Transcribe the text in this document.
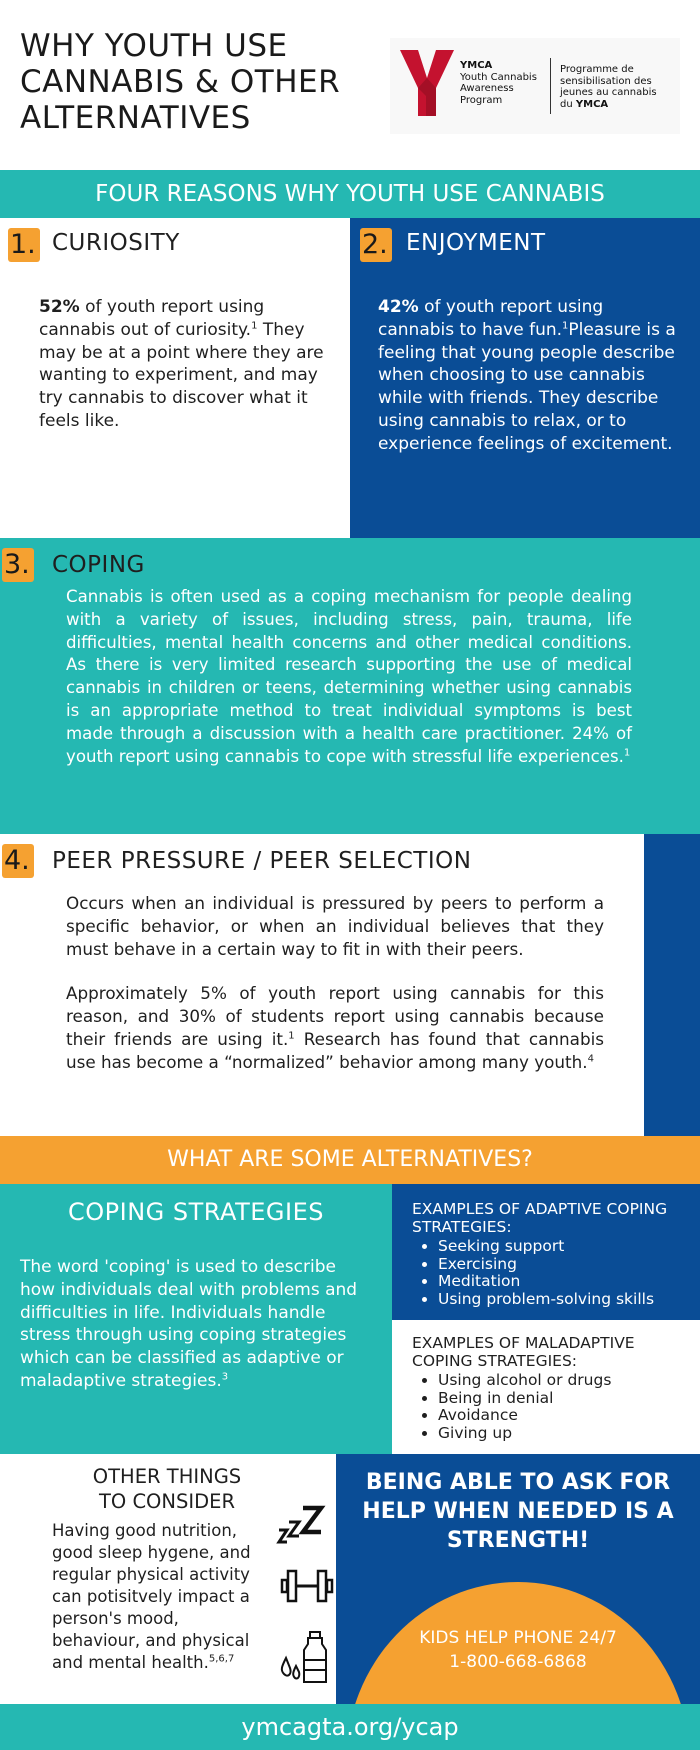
WHY YOUTH USE
CANNABIS & OTHER
ALTERNATIVES
YMCA
Youth Cannabis
Awareness
Program
Programme de
sensibilisation des
jeunes au cannabis
du YMCA
FOUR REASONS WHY YOUTH USE CANNABIS
1. CURIOSITY
52% of youth report using cannabis out of curiosity.$^1$ They may be at a point where they are wanting to experiment, and may try cannabis to discover what it feels like.
2. ENJOYMENT
42% of youth report using cannabis to have fun.$^1$Pleasure is a feeling that young people describe when choosing to use cannabis while with friends. They describe using cannabis to relax, or to experience feelings of excitement.
3. COPING
Cannabis is often used as a coping mechanism for people dealing with a variety of issues, including stress, pain, trauma, life difficulties, mental health concerns and other medical conditions. As there is very limited research supporting the use of medical cannabis in children or teens, determining whether using cannabis is an appropriate method to treat individual symptoms is best made through a discussion with a health care practitioner. 24% of youth report using cannabis to cope with stressful life experiences.$^1$
4. PEER PRESSURE / PEER SELECTION
Occurs when an individual is pressured by peers to perform a specific behavior, or when an individual believes that they must behave in a certain way to fit in with their peers.
Approximately 5% of youth report using cannabis for this reason, and 30% of students report using cannabis because their friends are using it.$^1$ Research has found that cannabis use has become a “normalized” behavior among many youth.$^4$
WHAT ARE SOME ALTERNATIVES?
COPING STRATEGIES
The word 'coping' is used to describe how individuals deal with problems and difficulties in life. Individuals handle stress through using coping strategies which can be classified as adaptive or maladaptive strategies.$^3$
EXAMPLES OF ADAPTIVE COPING STRATEGIES:
• Seeking support
• Exercising
• Meditation
• Using problem-solving skills
EXAMPLES OF MALADAPTIVE COPING STRATEGIES:
• Using alcohol or drugs
• Being in denial
• Avoidance
• Giving up
OTHER THINGS
TO CONSIDER
Having good nutrition, good sleep hygene, and regular physical activity can potisitvely impact a person's mood, behaviour, and physical and mental health.$^{5,6,7}$
BEING ABLE TO ASK FOR HELP WHEN NEEDED IS A STRENGTH!
KIDS HELP PHONE 24/7
1-800-668-6868
ymcagta.org/ycap
